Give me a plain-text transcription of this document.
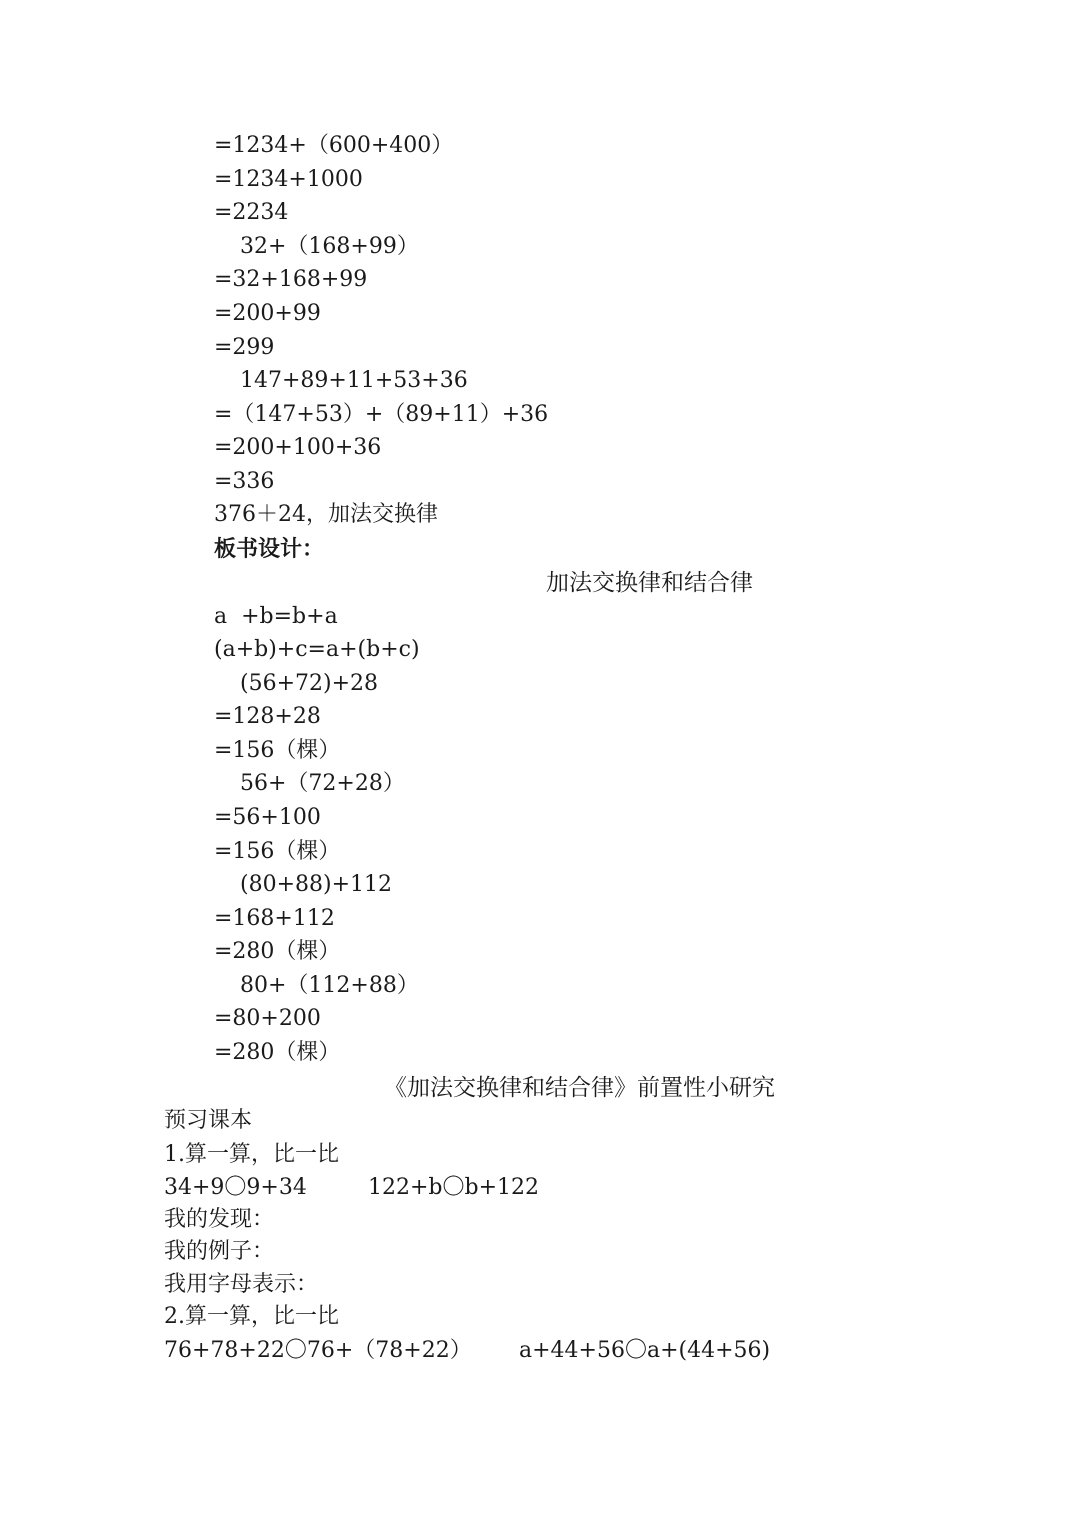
=1234+（600+400）
=1234+1000
=2234
32+（168+99）
=32+168+99
=200+99
=299
147+89+11+53+36
=（147+53）+（89+11）+36
=200+100+36
=336
376＋24，加法交换律
板书设计：
加法交换律和结合律
a  +b=b+a
(a+b)+c=a+(b+c)
(56+72)+28
=128+28
=156（棵）
56+（72+28）
=56+100
=156（棵）
(80+88)+112
=168+112
=280（棵）
80+（112+88）
=80+200
=280（棵）
《加法交换律和结合律》前置性小研究
预习课本
1.算一算，比一比
34+9〇9+34	122+b〇b+122
我的发现：
我的例子：
我用字母表示：
2.算一算，比一比
76+78+22〇76+（78+22） a+44+56〇a+(44+56)
